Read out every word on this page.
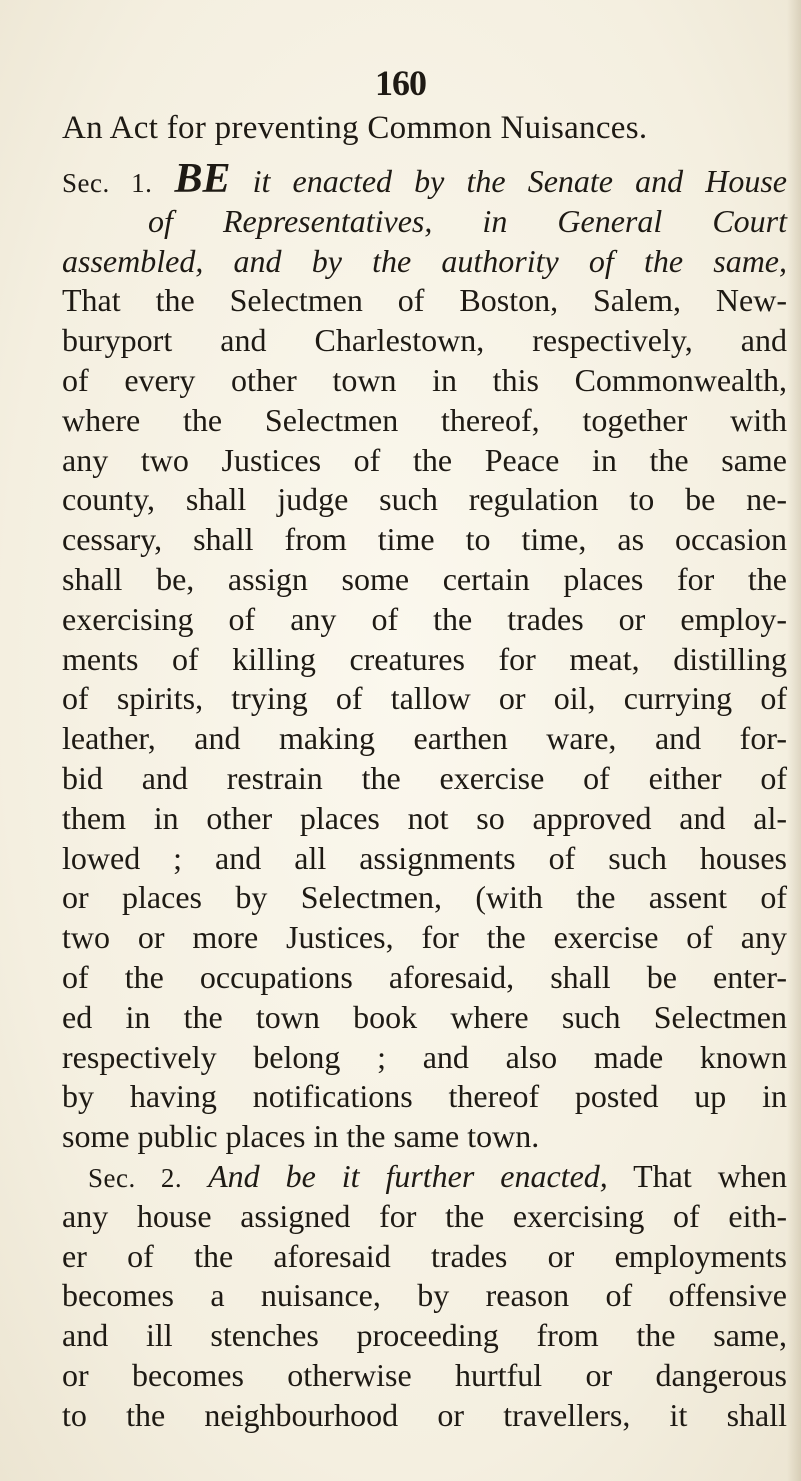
160
An Act for preventing Common Nuisances.
Sec. 1. BE it enacted by the Senate and House
of Representatives, in General Court
assembled, and by the authority of the same,
That the Selectmen of Boston, Salem, New-
buryport and Charlestown, respectively, and
of every other town in this Commonwealth,
where the Selectmen thereof, together with
any two Justices of the Peace in the same
county, shall judge such regulation to be ne-
cessary, shall from time to time, as occasion
shall be, assign some certain places for the
exercising of any of the trades or employ-
ments of killing creatures for meat, distilling
of spirits, trying of tallow or oil, currying of
leather, and making earthen ware, and for-
bid and restrain the exercise of either of
them in other places not so approved and al-
lowed ; and all assignments of such houses
or places by Selectmen, (with the assent of
two or more Justices, for the exercise of any
of the occupations aforesaid, shall be enter-
ed in the town book where such Selectmen
respectively belong ; and also made known
by having notifications thereof posted up in
some public places in the same town.
Sec. 2. And be it further enacted, That when
any house assigned for the exercising of eith-
er of the aforesaid trades or employments
becomes a nuisance, by reason of offensive
and ill stenches proceeding from the same,
or becomes otherwise hurtful or dangerous
to the neighbourhood or travellers, it shall
